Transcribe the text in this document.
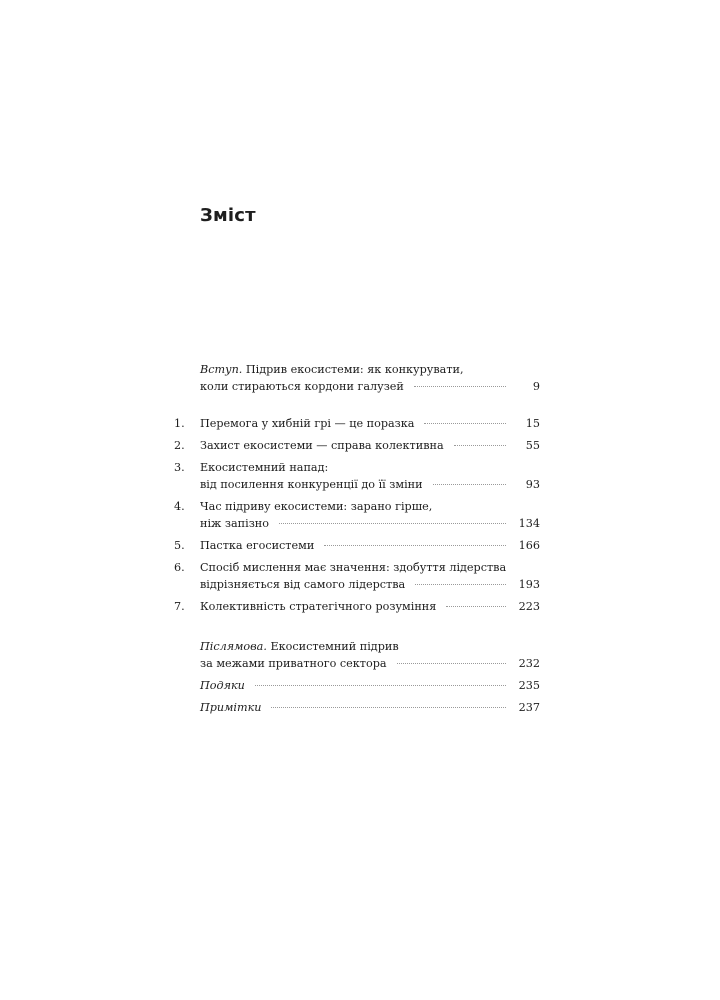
Зміст
Вступ. Підрив екосистеми: як конкурувати,
коли стираються кордони галузей	9
1.	Перемога у хибній грі — це поразка	15
2.	Захист екосистеми — справа колективна	55
3.	Екосистемний напад:
від посилення конкуренції до її зміни	93
4.	Час підриву екосистеми: зарано гірше,
ніж запізно	134
5.	Пастка егосистеми	166
6.	Спосіб мислення має значення: здобуття лідерства
відрізняється від самого лідерства	193
7.	Колективність стратегічного розуміння	223
Післямова. Екосистемний підрив
за межами приватного сектора	232
Подяки	235
Примітки	237
